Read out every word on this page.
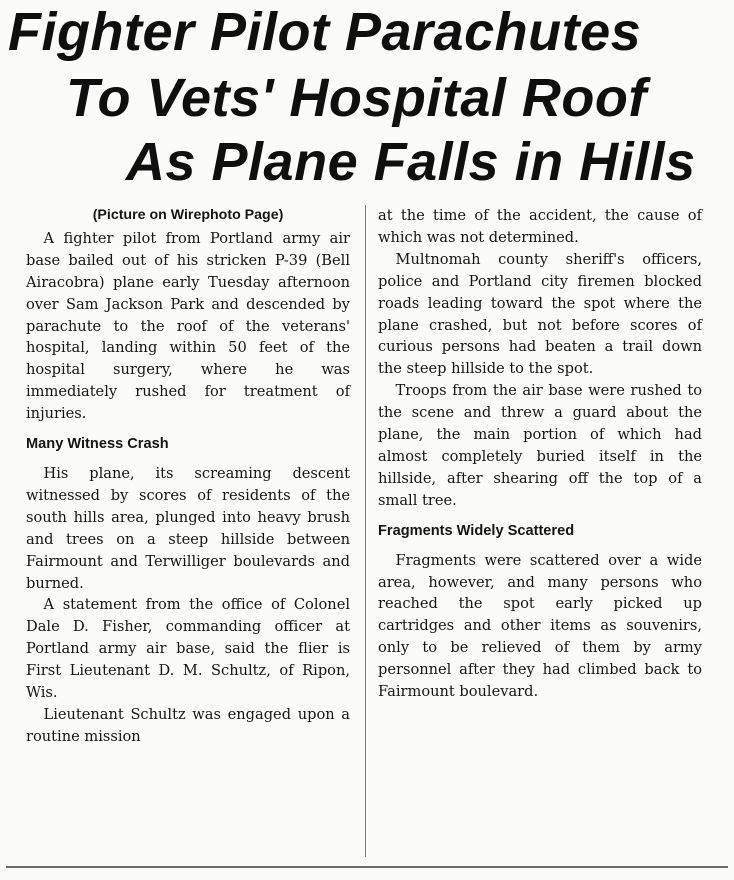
Fighter Pilot Parachutes
To Vets' Hospital Roof
As Plane Falls in Hills

(Picture on Wirephoto Page)

A fighter pilot from Portland army air base bailed out of his stricken P-39 (Bell Airacobra) plane early Tuesday afternoon over Sam Jackson Park and descended by parachute to the roof of the veterans' hospital, landing within 50 feet of the hospital surgery, where he was immediately rushed for treatment of injuries.

Many Witness Crash

His plane, its screaming descent witnessed by scores of residents of the south hills area, plunged into heavy brush and trees on a steep hillside between Fairmount and Terwilliger boulevards and burned.

A statement from the office of Colonel Dale D. Fisher, commanding officer at Portland army air base, said the flier is First Lieutenant D. M. Schultz, of Ripon, Wis.

Lieutenant Schultz was engaged upon a routine mission

at the time of the accident, the cause of which was not determined.

Multnomah county sheriff's officers, police and Portland city firemen blocked roads leading toward the spot where the plane crashed, but not before scores of curious persons had beaten a trail down the steep hillside to the spot.

Troops from the air base were rushed to the scene and threw a guard about the plane, the main portion of which had almost completely buried itself in the hillside, after shearing off the top of a small tree.

Fragments Widely Scattered

Fragments were scattered over a wide area, however, and many persons who reached the spot early picked up cartridges and other items as souvenirs, only to be relieved of them by army personnel after they had climbed back to Fairmount boulevard.
